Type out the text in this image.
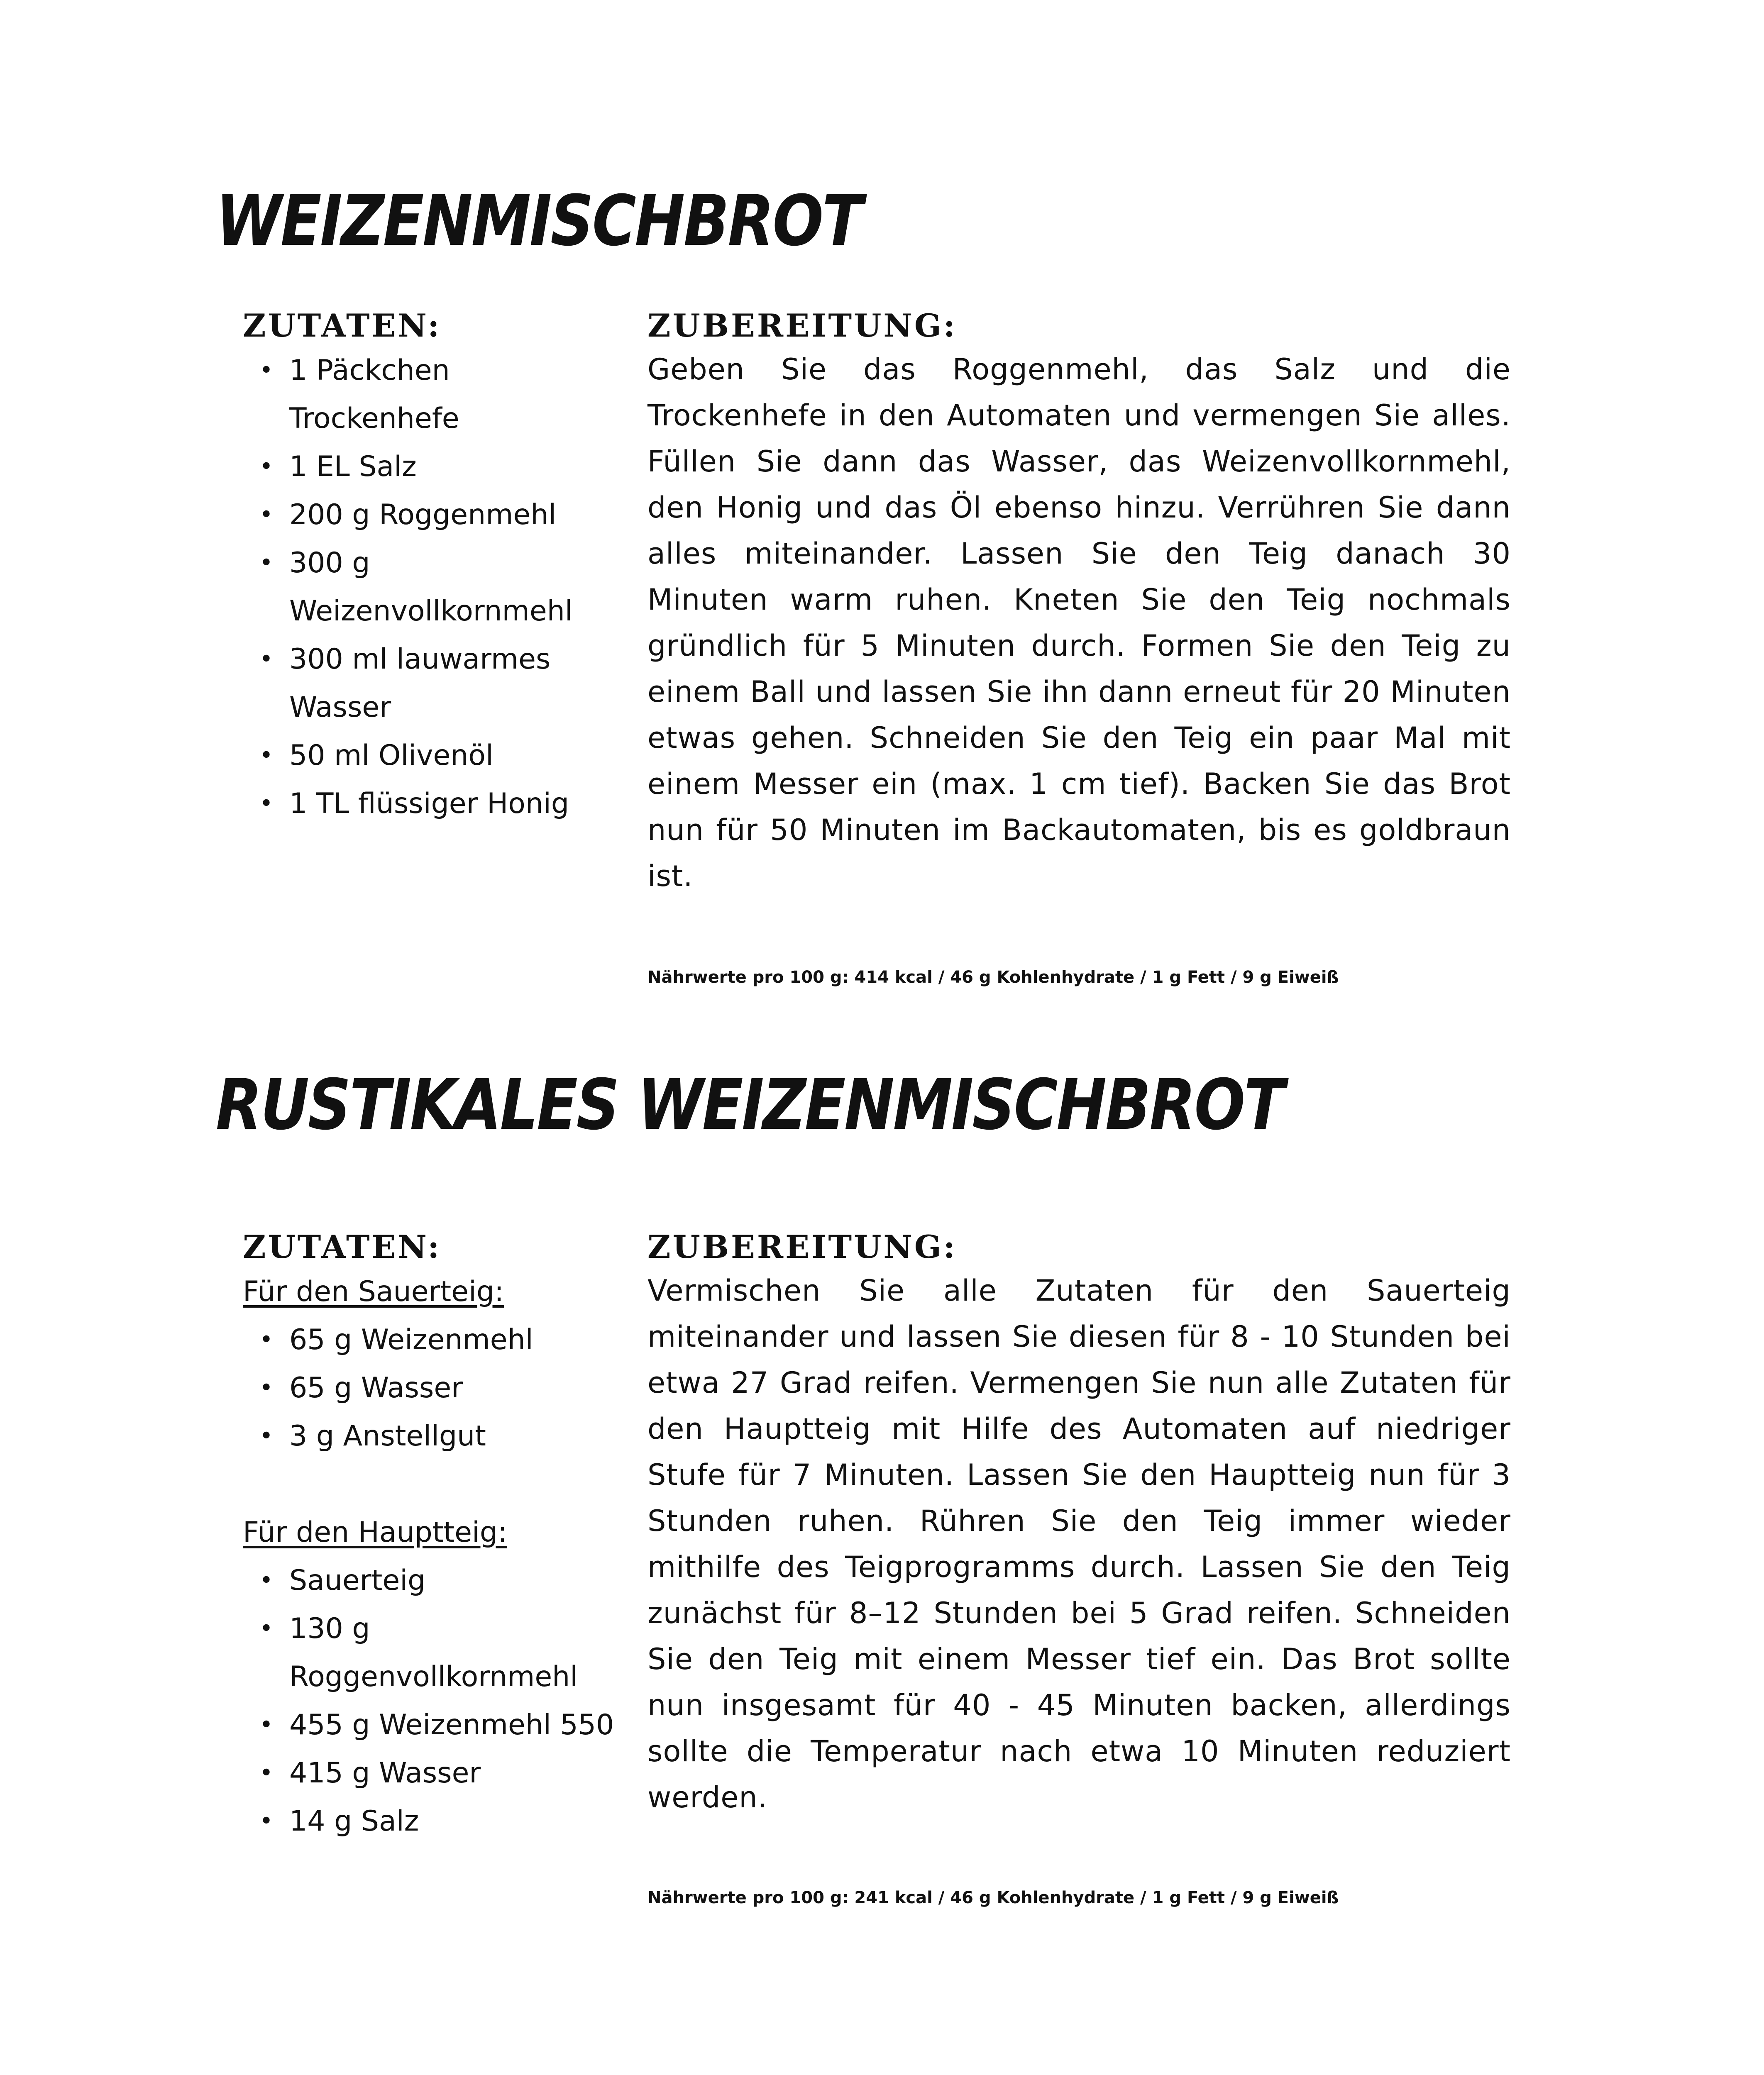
WEIZENMISCHBROT
ZUTATEN:
• 1 Päckchen Trockenhefe
• 1 EL Salz
• 200 g Roggenmehl
• 300 g Weizenvollkornmehl
• 300 ml lauwarmes Wasser
• 50 ml Olivenöl
• 1 TL flüssiger Honig
ZUBEREITUNG:

Geben Sie das Roggenmehl, das Salz und die Trockenhefe in den Automaten und vermengen Sie alles. Füllen Sie dann das Wasser, das Weizenvollkornmehl, den Honig und das Öl ebenso hinzu. Verrühren Sie dann alles miteinander. Lassen Sie den Teig danach 30 Minuten warm ruhen. Kneten Sie den Teig nochmals gründlich für 5 Minuten durch. Formen Sie den Teig zu einem Ball und lassen Sie ihn dann erneut für 20 Minuten etwas gehen. Schneiden Sie den Teig ein paar Mal mit einem Messer ein (max. 1 cm tief). Backen Sie das Brot nun für 50 Minuten im Backautomaten, bis es goldbraun ist.

Nährwerte pro 100 g: 414 kcal / 46 g Kohlenhydrate / 1 g Fett / 9 g Eiweiß

RUSTIKALES WEIZENMISCHBROT
ZUTATEN:
Für den Sauerteig:
• 65 g Weizenmehl
• 65 g Wasser
• 3 g Anstellgut
Für den Hauptteig:
• Sauerteig
• 130 g Roggenvollkornmehl
• 455 g Weizenmehl 550
• 415 g Wasser
• 14 g Salz
ZUBEREITUNG:

Vermischen Sie alle Zutaten für den Sauerteig miteinander und lassen Sie diesen für 8 - 10 Stunden bei etwa 27 Grad reifen. Vermengen Sie nun alle Zutaten für den Hauptteig mit Hilfe des Automaten auf niedriger Stufe für 7 Minuten. Lassen Sie den Hauptteig nun für 3 Stunden ruhen. Rühren Sie den Teig immer wieder mithilfe des Teigprogramms durch. Lassen Sie den Teig zunächst für 8–12 Stunden bei 5 Grad reifen. Schneiden Sie den Teig mit einem Messer tief ein. Das Brot sollte nun insgesamt für 40 - 45 Minuten backen, allerdings sollte die Temperatur nach etwa 10 Minuten reduziert werden.

Nährwerte pro 100 g: 241 kcal / 46 g Kohlenhydrate / 1 g Fett / 9 g Eiweiß
